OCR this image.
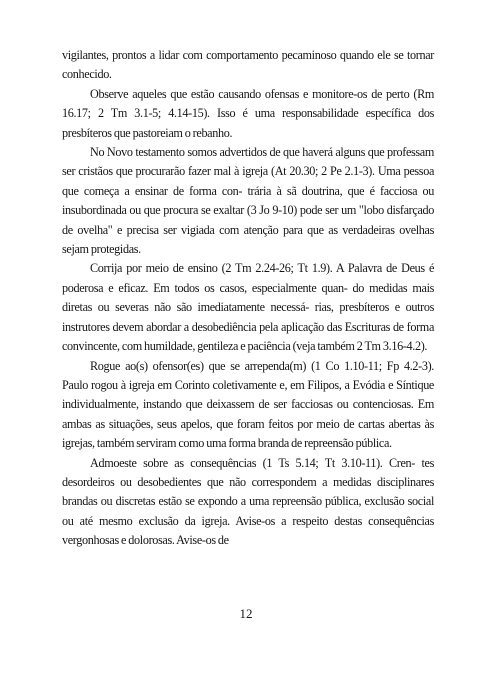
vigilantes, prontos a lidar com comportamento pecaminoso quando ele se tornar conhecido.

Observe aqueles que estão causando ofensas e monitore-os de perto (Rm 16.17; 2 Tm 3.1-5; 4.14-15). Isso é uma responsabilidade específica dos presbíteros que pastoreiam o rebanho.

No Novo testamento somos advertidos de que haverá alguns que professam ser cristãos que procurarão fazer mal à igreja (At 20.30; 2 Pe 2.1-3). Uma pessoa que começa a ensinar de forma con- trária à sã doutrina, que é facciosa ou insubordinada ou que procura se exaltar (3 Jo 9-10) pode ser um "lobo disfarçado de ovelha" e precisa ser vigiada com atenção para que as verdadeiras ovelhas sejam protegidas.

Corrija por meio de ensino (2 Tm 2.24-26; Tt 1.9). A Palavra de Deus é poderosa e eficaz. Em todos os casos, especialmente quan- do medidas mais diretas ou severas não são imediatamente necessá- rias, presbíteros e outros instrutores devem abordar a desobediência pela aplicação das Escrituras de forma convincente, com humildade, gentileza e paciência (veja também 2 Tm 3.16-4.2).

Rogue ao(s) ofensor(es) que se arrependa(m) (1 Co 1.10-11; Fp 4.2-3). Paulo rogou à igreja em Corinto coletivamente e, em Filipos, a Evódia e Síntique individualmente, instando que deixassem de ser facciosas ou contenciosas. Em ambas as situações, seus apelos, que foram feitos por meio de cartas abertas às igrejas, também serviram como uma forma branda de repreensão pública.

Admoeste sobre as consequências (1 Ts 5.14; Tt 3.10-11). Cren- tes desordeiros ou desobedientes que não correspondem a medidas disciplinares brandas ou discretas estão se expondo a uma repreensão pública, exclusão social ou até mesmo exclusão da igreja. Avise-os a respeito destas consequências vergonhosas e dolorosas. Avise-os de

12
